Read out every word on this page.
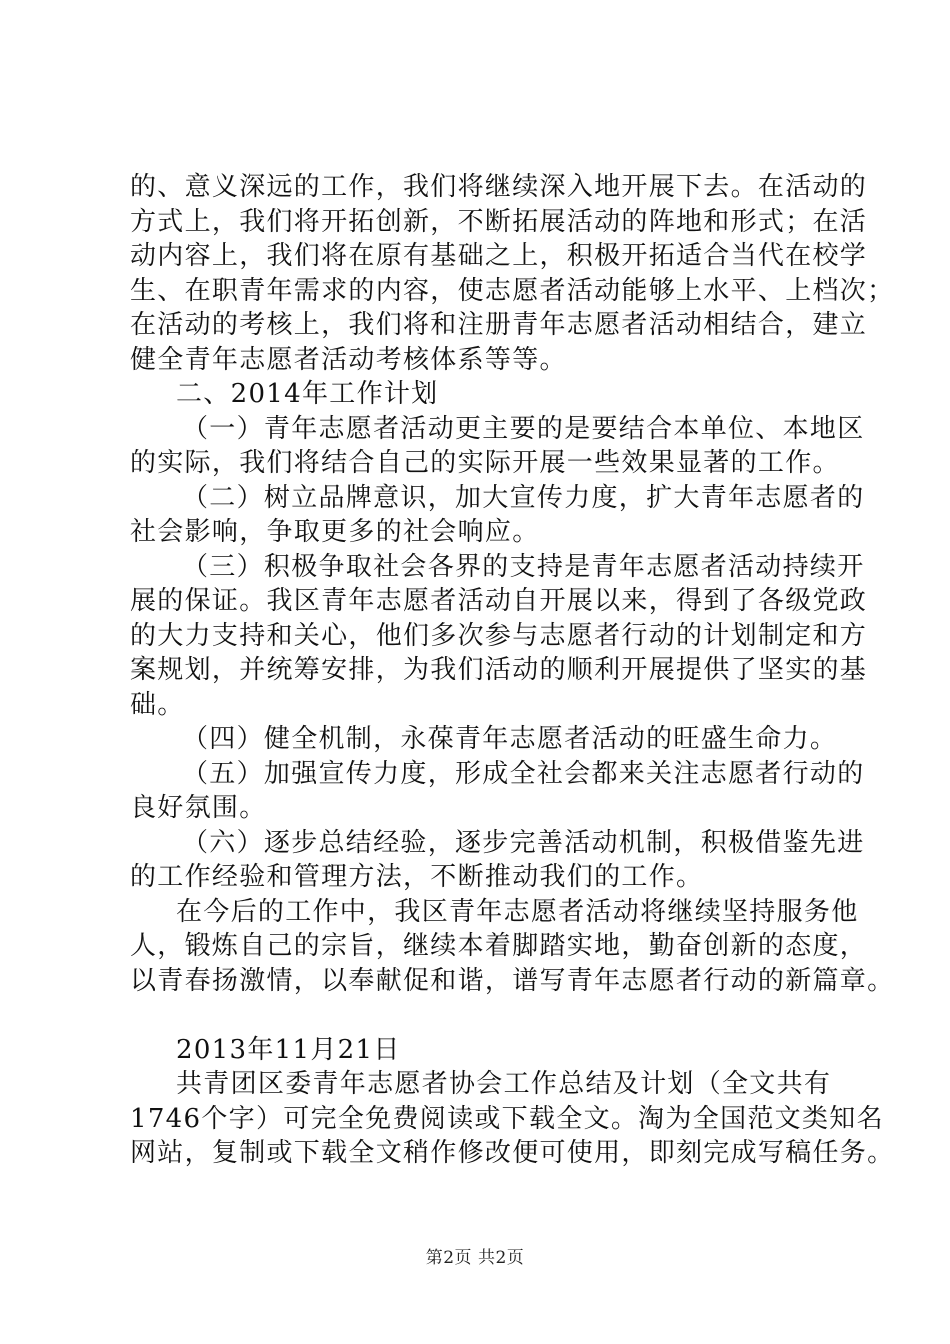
的、意义深远的工作，我们将继续深入地开展下去。在活动的
方式上，我们将开拓创新，不断拓展活动的阵地和形式；在活
动内容上，我们将在原有基础之上，积极开拓适合当代在校学
生、在职青年需求的内容，使志愿者活动能够上水平、上档次；
在活动的考核上，我们将和注册青年志愿者活动相结合，建立
健全青年志愿者活动考核体系等等。
二、2014年工作计划
（一）青年志愿者活动更主要的是要结合本单位、本地区
的实际，我们将结合自己的实际开展一些效果显著的工作。
（二）树立品牌意识，加大宣传力度，扩大青年志愿者的
社会影响，争取更多的社会响应。
（三）积极争取社会各界的支持是青年志愿者活动持续开
展的保证。我区青年志愿者活动自开展以来，得到了各级党政
的大力支持和关心，他们多次参与志愿者行动的计划制定和方
案规划，并统筹安排，为我们活动的顺利开展提供了坚实的基
础。
（四）健全机制，永葆青年志愿者活动的旺盛生命力。
（五）加强宣传力度，形成全社会都来关注志愿者行动的
良好氛围。
（六）逐步总结经验，逐步完善活动机制，积极借鉴先进
的工作经验和管理方法，不断推动我们的工作。
在今后的工作中，我区青年志愿者活动将继续坚持服务他
人，锻炼自己的宗旨，继续本着脚踏实地，勤奋创新的态度，
以青春扬激情，以奉献促和谐，谱写青年志愿者行动的新篇章。
2013年11月21日
共青团区委青年志愿者协会工作总结及计划（全文共有
1746个字）可完全免费阅读或下载全文。淘为全国范文类知名
网站，复制或下载全文稍作修改便可使用，即刻完成写稿任务。
第2页 共2页
